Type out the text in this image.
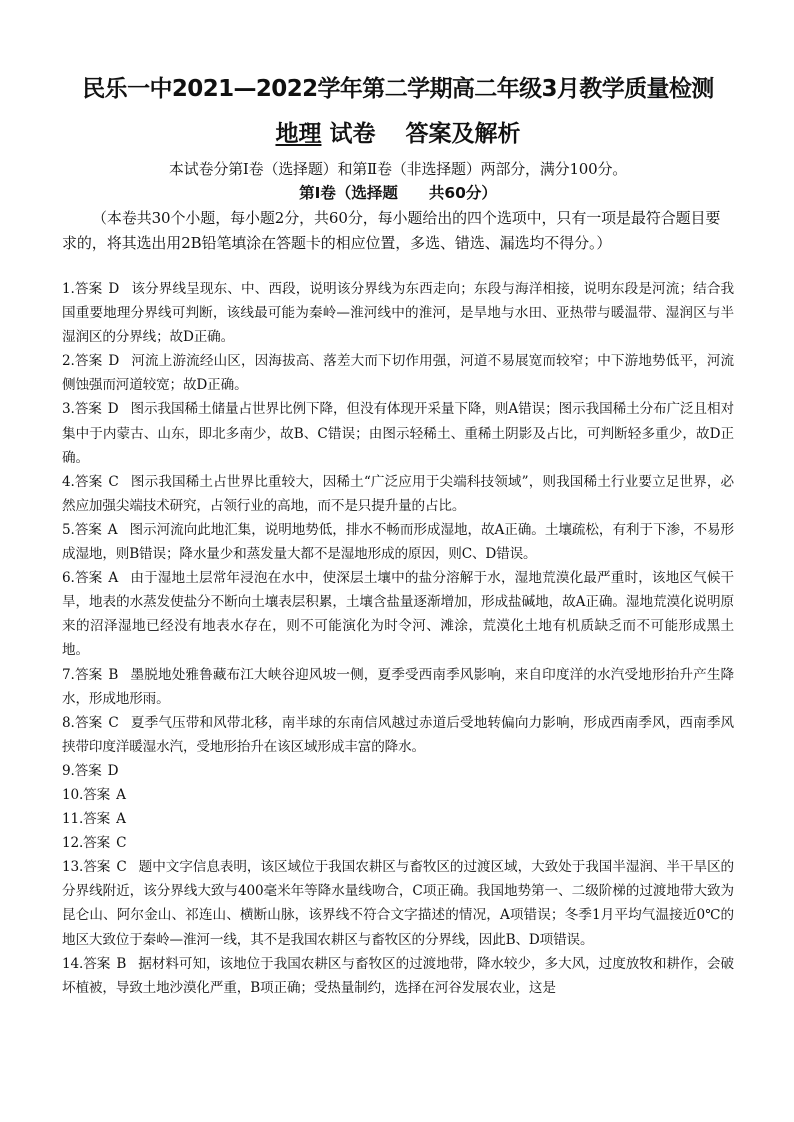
民乐一中2021—2022学年第二学期高二年级3月教学质量检测
地理 试卷 答案及解析
本试卷分第Ⅰ卷（选择题）和第Ⅱ卷（非选择题）两部分，满分100分。
第Ⅰ卷（选择题　　共60分）
（本卷共30个小题，每小题2分，共60分，每小题给出的四个选项中，只有一项是最符合题目要求的，将其选出用2B铅笔填涂在答题卡的相应位置，多选、错选、漏选均不得分。）

1.答案 D 该分界线呈现东、中、西段，说明该分界线为东西走向；东段与海洋相接，说明东段是河流；结合我国重要地理分界线可判断，该线最可能为秦岭—淮河线中的淮河，是旱地与水田、亚热带与暖温带、湿润区与半湿润区的分界线；故D正确。

2.答案 D 河流上游流经山区，因海拔高、落差大而下切作用强，河道不易展宽而较窄；中下游地势低平，河流侧蚀强而河道较宽；故D正确。

3.答案 D 图示我国稀土储量占世界比例下降，但没有体现开采量下降，则A错误；图示我国稀土分布广泛且相对集中于内蒙古、山东，即北多南少，故B、C错误；由图示轻稀土、重稀土阴影及占比，可判断轻多重少，故D正确。

4.答案 C 图示我国稀土占世界比重较大，因稀土“广泛应用于尖端科技领域”，则我国稀土行业要立足世界，必然应加强尖端技术研究，占领行业的高地，而不是只提升量的占比。

5.答案 A 图示河流向此地汇集，说明地势低，排水不畅而形成湿地，故A正确。土壤疏松，有利于下渗，不易形成湿地，则B错误；降水量少和蒸发量大都不是湿地形成的原因，则C、D错误。

6.答案 A 由于湿地土层常年浸泡在水中，使深层土壤中的盐分溶解于水，湿地荒漠化最严重时，该地区气候干旱，地表的水蒸发使盐分不断向土壤表层积累，土壤含盐量逐渐增加，形成盐碱地，故A正确。湿地荒漠化说明原来的沼泽湿地已经没有地表水存在，则不可能演化为时令河、滩涂，荒漠化土地有机质缺乏而不可能形成黑土地。

7.答案 B 墨脱地处雅鲁藏布江大峡谷迎风坡一侧，夏季受西南季风影响，来自印度洋的水汽受地形抬升产生降水，形成地形雨。

8.答案 C 夏季气压带和风带北移，南半球的东南信风越过赤道后受地转偏向力影响，形成西南季风，西南季风挟带印度洋暖湿水汽，受地形抬升在该区域形成丰富的降水。

9.答案 D

10.答案 A

11.答案 A

12.答案 C

13.答案 C 题中文字信息表明，该区域位于我国农耕区与畜牧区的过渡区域，大致处于我国半湿润、半干旱区的分界线附近，该分界线大致与400毫米年等降水量线吻合，C项正确。我国地势第一、二级阶梯的过渡地带大致为昆仑山、阿尔金山、祁连山、横断山脉，该界线不符合文字描述的情况，A项错误；冬季1月平均气温接近0℃的地区大致位于秦岭—淮河一线，其不是我国农耕区与畜牧区的分界线，因此B、D项错误。

14.答案 B 据材料可知，该地位于我国农耕区与畜牧区的过渡地带，降水较少，多大风，过度放牧和耕作，会破坏植被，导致土地沙漠化严重，B项正确；受热量制约，选择在河谷发展农业，这是
